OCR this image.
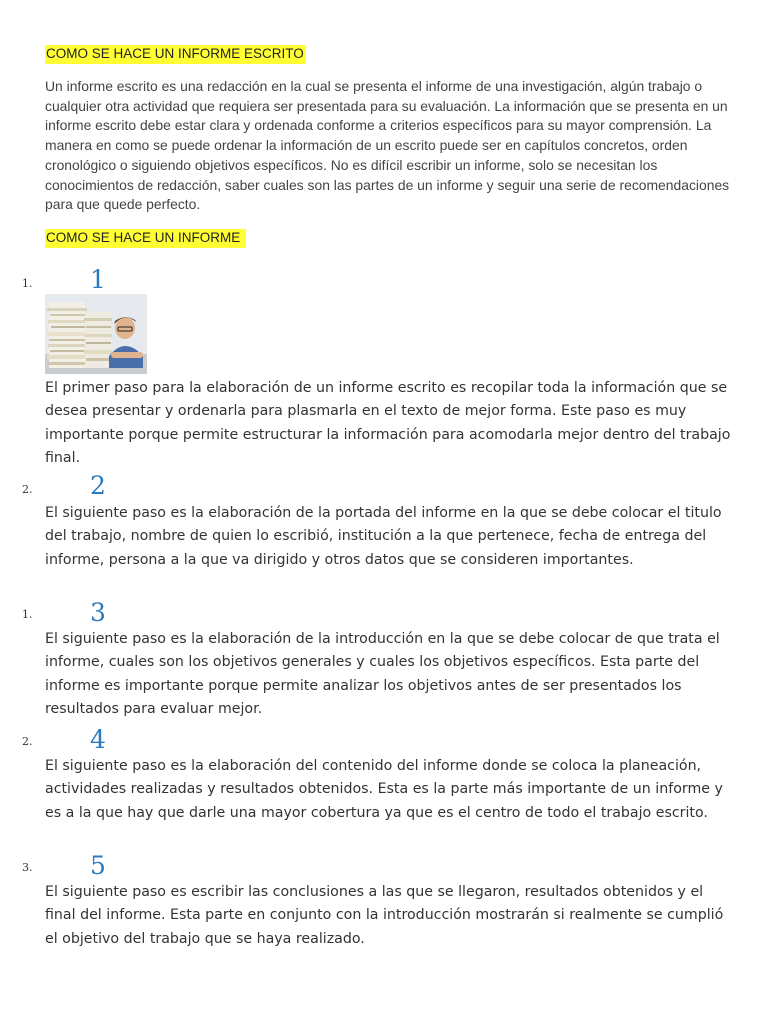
COMO SE HACE UN INFORME ESCRITO

Un informe escrito es una redacción en la cual se presenta el informe de una investigación, algún trabajo o cualquier otra actividad que requiera ser presentada para su evaluación. La información que se presenta en un informe escrito debe estar clara y ordenada conforme a criterios específicos para su mayor comprensión. La manera en como se puede ordenar la información de un escrito puede ser en capítulos concretos, orden cronológico o siguiendo objetivos específicos. No es difícil escribir un informe, solo se necesitan los conocimientos de redacción, saber cuales son las partes de un informe y seguir una serie de recomendaciones para que quede perfecto.

COMO SE HACE UN INFORME
1. 1

El primer paso para la elaboración de un informe escrito es recopilar toda la información que se desea presentar y ordenarla para plasmarla en el texto de mejor forma. Este paso es muy importante porque permite estructurar la información para acomodarla mejor dentro del trabajo final.

2. 2

El siguiente paso es la elaboración de la portada del informe en la que se debe colocar el titulo del trabajo, nombre de quien lo escribió, institución a la que pertenece, fecha de entrega del informe, persona a la que va dirigido y otros datos que se consideren importantes.

1. 3

El siguiente paso es la elaboración de la introducción en la que se debe colocar de que trata el informe, cuales son los objetivos generales y cuales los objetivos específicos. Esta parte del informe es importante porque permite analizar los objetivos antes de ser presentados los resultados para evaluar mejor.

2. 4

El siguiente paso es la elaboración del contenido del informe donde se coloca la planeación, actividades realizadas y resultados obtenidos. Esta es la parte más importante de un informe y es a la que hay que darle una mayor cobertura ya que es el centro de todo el trabajo escrito.

3. 5

El siguiente paso es escribir las conclusiones a las que se llegaron, resultados obtenidos y el final del informe. Esta parte en conjunto con la introducción mostrarán si realmente se cumplió el objetivo del trabajo que se haya realizado.
